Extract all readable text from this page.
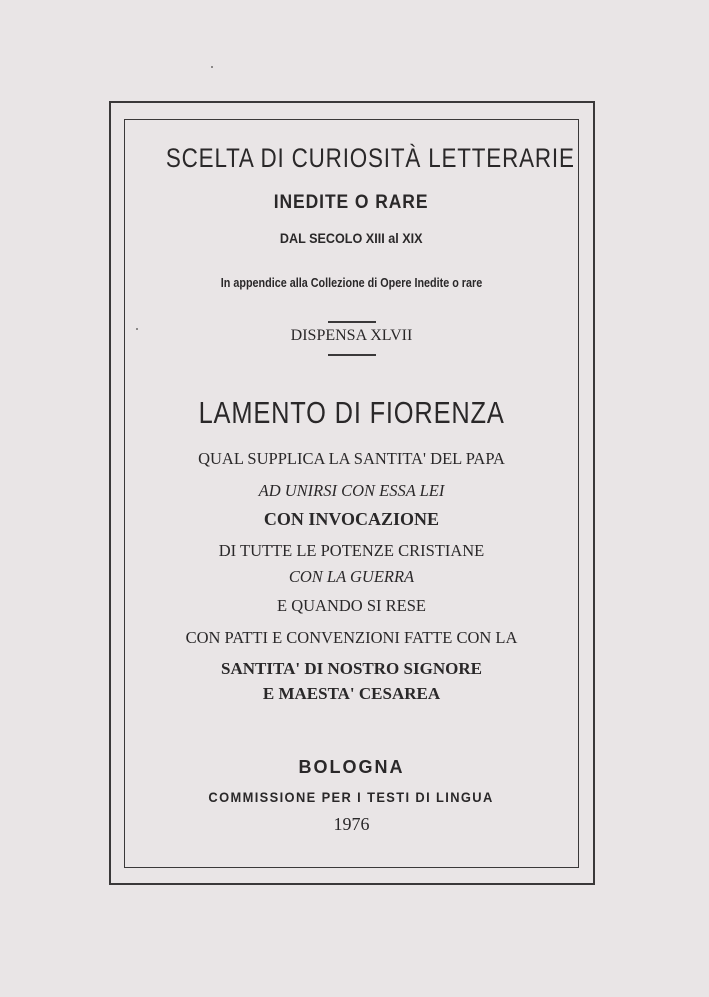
SCELTA DI CURIOSITÀ LETTERARIE
INEDITE O RARE
DAL SECOLO XIII al XIX
In appendice alla Collezione di Opere Inedite o rare
DISPENSA XLVII
LAMENTO DI FIORENZA
QUAL SUPPLICA LA SANTITA' DEL PAPA
AD UNIRSI CON ESSA LEI
CON INVOCAZIONE
DI TUTTE LE POTENZE CRISTIANE
CON LA GUERRA
E QUANDO SI RESE
CON PATTI E CONVENZIONI FATTE CON LA
SANTITA' DI NOSTRO SIGNORE
E MAESTA' CESAREA
BOLOGNA
COMMISSIONE PER I TESTI DI LINGUA
1976
